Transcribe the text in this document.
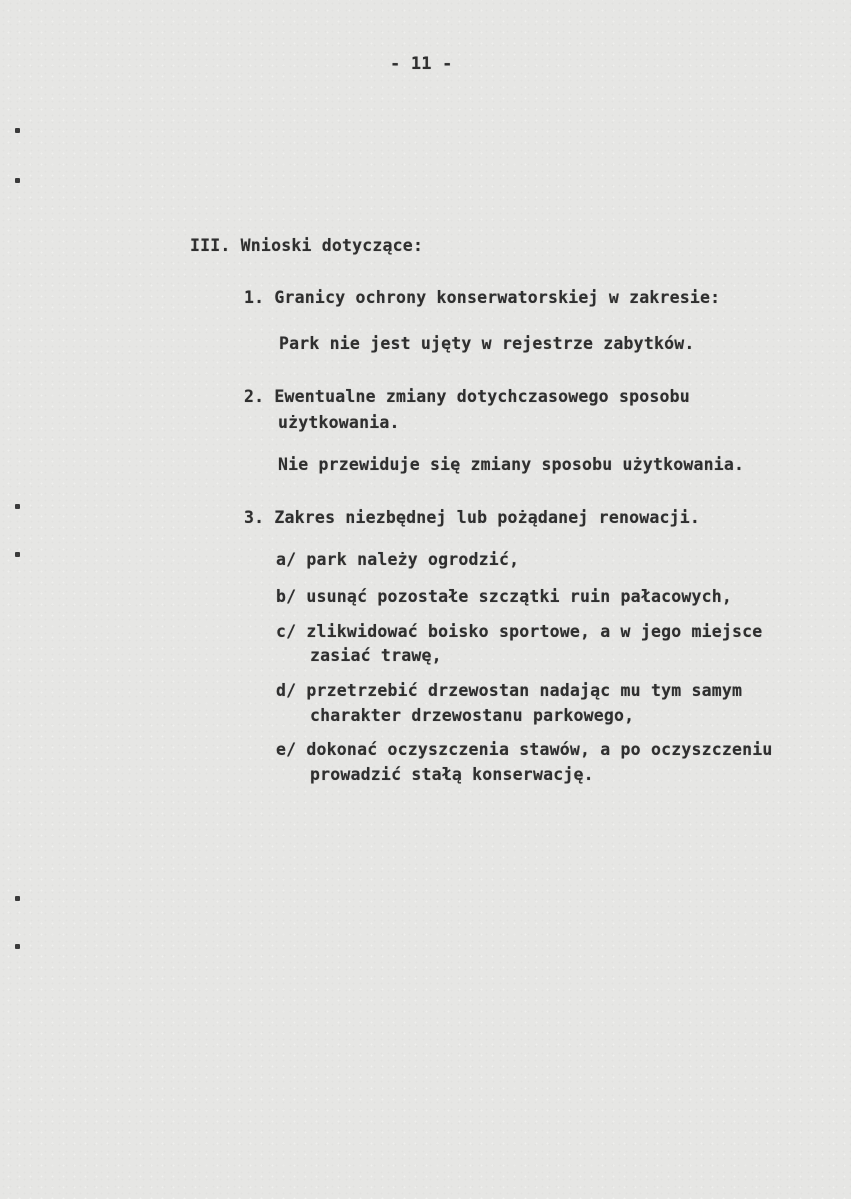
- 11 -
III. Wnioski dotyczące:
1. Granicy ochrony konserwatorskiej w zakresie:
Park nie jest ujęty w rejestrze zabytków.
2. Ewentualne zmiany dotychczasowego sposobu
użytkowania.
Nie przewiduje się zmiany sposobu użytkowania.
3. Zakres niezbędnej lub pożądanej renowacji.
a/ park należy ogrodzić,
b/ usunąć pozostałe szczątki ruin pałacowych,
c/ zlikwidować boisko sportowe, a w jego miejsce
zasiać trawę,
d/ przetrzebić drzewostan nadając mu tym samym
charakter drzewostanu parkowego,
e/ dokonać oczyszczenia stawów, a po oczyszczeniu
prowadzić stałą konserwację.
